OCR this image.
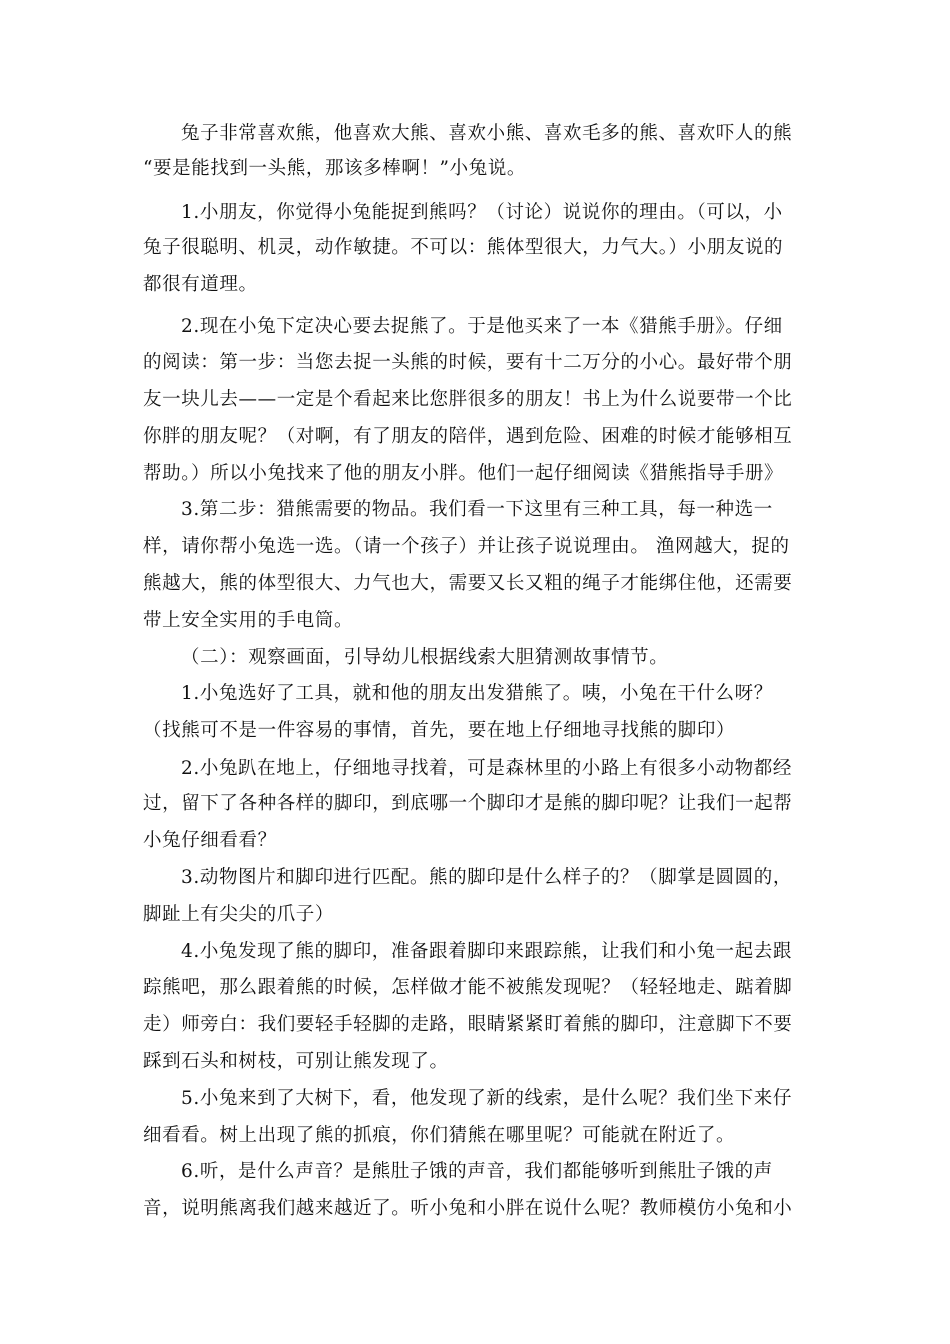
兔子非常喜欢熊，他喜欢大熊、喜欢小熊、喜欢毛多的熊、喜欢吓人的熊
“要是能找到一头熊，那该多棒啊！”小兔说。
1.小朋友，你觉得小兔能捉到熊吗？（讨论）说说你的理由。（可以，小
兔子很聪明、机灵，动作敏捷。不可以：熊体型很大，力气大。）小朋友说的
都很有道理。
2.现在小兔下定决心要去捉熊了。于是他买来了一本《猎熊手册》。仔细
的阅读：第一步：当您去捉一头熊的时候，要有十二万分的小心。最好带个朋
友一块儿去——一定是个看起来比您胖很多的朋友！书上为什么说要带一个比
你胖的朋友呢？（对啊，有了朋友的陪伴，遇到危险、困难的时候才能够相互
帮助。）所以小兔找来了他的朋友小胖。他们一起仔细阅读《猎熊指导手册》
3.第二步：猎熊需要的物品。我们看一下这里有三种工具，每一种选一
样，请你帮小兔选一选。（请一个孩子）并让孩子说说理由。 渔网越大，捉的
熊越大，熊的体型很大、力气也大，需要又长又粗的绳子才能绑住他，还需要
带上安全实用的手电筒。
（二）：观察画面，引导幼儿根据线索大胆猜测故事情节。
1.小兔选好了工具，就和他的朋友出发猎熊了。咦，小兔在干什么呀？
（找熊可不是一件容易的事情，首先，要在地上仔细地寻找熊的脚印）
2.小兔趴在地上，仔细地寻找着，可是森林里的小路上有很多小动物都经
过，留下了各种各样的脚印，到底哪一个脚印才是熊的脚印呢？让我们一起帮
小兔仔细看看？
3.动物图片和脚印进行匹配。熊的脚印是什么样子的？（脚掌是圆圆的，
脚趾上有尖尖的爪子）
4.小兔发现了熊的脚印，准备跟着脚印来跟踪熊，让我们和小兔一起去跟
踪熊吧，那么跟着熊的时候，怎样做才能不被熊发现呢？（轻轻地走、踮着脚
走）师旁白：我们要轻手轻脚的走路，眼睛紧紧盯着熊的脚印，注意脚下不要
踩到石头和树枝，可别让熊发现了。
5.小兔来到了大树下，看，他发现了新的线索，是什么呢？我们坐下来仔
细看看。树上出现了熊的抓痕，你们猜熊在哪里呢？可能就在附近了。
6.听，是什么声音？是熊肚子饿的声音，我们都能够听到熊肚子饿的声
音，说明熊离我们越来越近了。听小兔和小胖在说什么呢？教师模仿小兔和小
